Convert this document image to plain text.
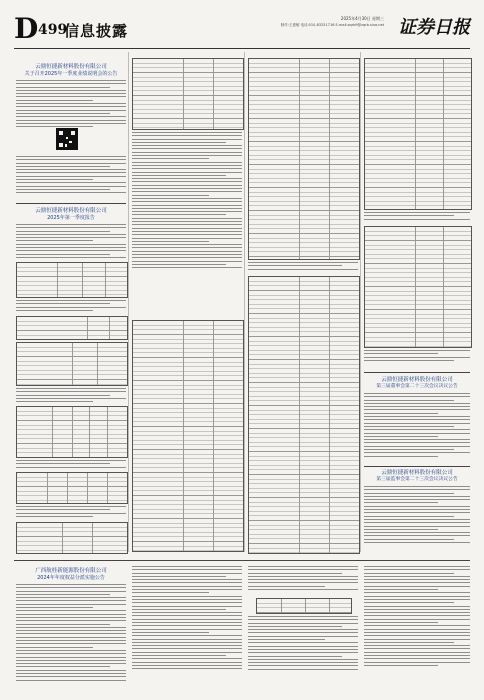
D 499
信息披露
2025年4月30日 星期三
制作:王惠敏 电话:010-83251716 E-mail:zqrb9@zqrb.sina.net 证券日报
云鼎恒捷新材料股份有限公司
关于召开2025年一季度业绩说明会的公告
云鼎恒捷新材料股份有限公司
2025年第一季度报告
云鼎恒捷新材料股份有限公司
第三届董事会第二十三次会议决议公告
云鼎恒捷新材料股份有限公司
第三届监事会第二十三次会议决议公告
广西航桂新能源股份有限公司
2024年年度权益分派实施公告
